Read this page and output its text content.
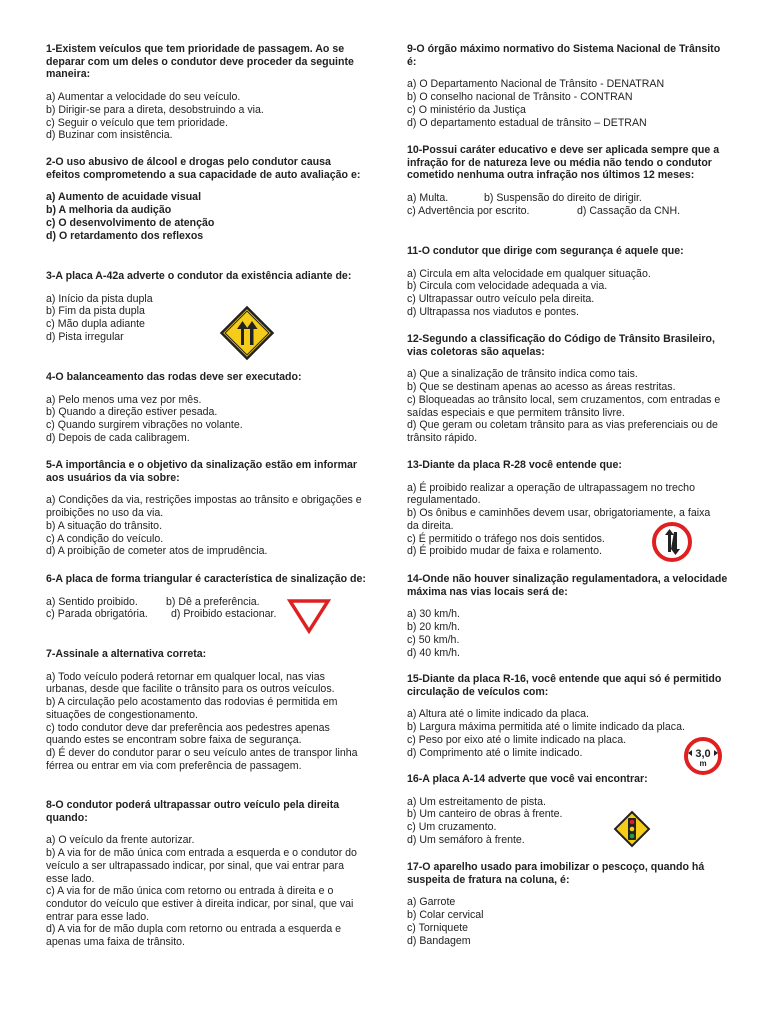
1-Existem veículos que tem prioridade de passagem. Ao se deparar com um deles o condutor deve proceder da seguinte maneira:

a) Aumentar a velocidade do seu veículo.
b) Dirigir-se para a direta, desobstruindo a via.
c) Seguir o veículo que tem prioridade.
d) Buzinar com insistência.

2-O uso abusivo de álcool e drogas pelo condutor causa efeitos comprometendo a sua capacidade de auto avaliação e:

a) Aumento de acuidade visual
b) A melhoria da audição
c) O desenvolvimento de atenção
d) O retardamento dos reflexos

3-A placa A-42a adverte o condutor da existência adiante de:

a) Início da pista dupla
b) Fim da pista dupla
c) Mão dupla adiante
d) Pista irregular

4-O balanceamento das rodas deve ser executado:

a) Pelo menos uma vez por mês.
b) Quando a direção estiver pesada.
c) Quando surgirem vibrações no volante.
d) Depois de cada calibragem.

5-A importância e o objetivo da sinalização estão em informar aos usuários da via sobre:

a) Condições da via, restrições impostas ao trânsito e obrigações e proibições no uso da via.
b) A situação do trânsito.
c) A condição do veículo.
d) A proibição de cometer atos de imprudência.

6-A placa de forma triangular é característica de sinalização de:

a) Sentido proibido.	b) Dê a preferência.
c) Parada obrigatória. d) Proibido estacionar.

7-Assinale a alternativa correta:

a) Todo veículo poderá retornar em qualquer local, nas vias urbanas, desde que facilite o trânsito para os outros veículos.
b) A circulação pelo acostamento das rodovias é permitida em situações de congestionamento.
c) todo condutor deve dar preferência aos pedestres apenas quando estes se encontram sobre faixa de segurança.
d) É dever do condutor parar o seu veículo antes de transpor linha férrea ou entrar em via com preferência de passagem.

8-O condutor poderá ultrapassar outro veículo pela direita quando:

a) O veículo da frente autorizar.
b) A via for de mão única com entrada a esquerda e o condutor do veículo a ser ultrapassado indicar, por sinal, que vai entrar para esse lado.
c) A via for de mão única com retorno ou entrada à direita e o condutor do veículo que estiver à direita indicar, por sinal, que vai entrar para esse lado.
d) A via for de mão dupla com retorno ou entrada a esquerda e apenas uma faixa de trânsito.

9-O órgão máximo normativo do Sistema Nacional de Trânsito é:

a) O Departamento Nacional de Trânsito - DENATRAN
b) O conselho nacional de Trânsito - CONTRAN
c) O ministério da Justiça
d) O departamento estadual de trânsito – DETRAN

10-Possui caráter educativo e deve ser aplicada sempre que a infração for de natureza leve ou média não tendo o condutor cometido nenhuma outra infração nos últimos 12 meses:

a) Multa.	b) Suspensão do direito de dirigir.
c) Advertência por escrito.	d) Cassação da CNH.

11-O condutor que dirige com segurança é aquele que:

a) Circula em alta velocidade em qualquer situação.
b) Circula com velocidade adequada a via.
c) Ultrapassar outro veículo pela direita.
d) Ultrapassa nos viadutos e pontes.

12-Segundo a classificação do Código de Trânsito Brasileiro, vias coletoras são aquelas:

a) Que a sinalização de trânsito indica como tais.
b) Que se destinam apenas ao acesso as áreas restritas.
c) Bloqueadas ao trânsito local, sem cruzamentos, com entradas e saídas especiais e que permitem trânsito livre.
d) Que geram ou coletam trânsito para as vias preferenciais ou de trânsito rápido.

13-Diante da placa R-28 você entende que:

a) É proibido realizar a operação de ultrapassagem no trecho regulamentado.
b) Os ônibus e caminhões devem usar, obrigatoriamente, a faixa da direita.
c) É permitido o tráfego nos dois sentidos.
d) É proibido mudar de faixa e rolamento.

14-Onde não houver sinalização regulamentadora, a velocidade máxima nas vias locais será de:

a) 30 km/h.
b) 20 km/h.
c) 50 km/h.
d) 40 km/h.

15-Diante da placa R-16, você entende que aqui só é permitido circulação de veículos com:

a) Altura até o limite indicado da placa.
b) Largura máxima permitida até o limite indicado da placa.
c) Peso por eixo até o limite indicado na placa.
d) Comprimento até o limite indicado.

16-A placa A-14 adverte que você vai encontrar:

a) Um estreitamento de pista.
b) Um canteiro de obras à frente.
c) Um cruzamento.
d) Um semáforo à frente.

17-O aparelho usado para imobilizar o pescoço, quando há suspeita de fratura na coluna, é:

a) Garrote
b) Colar cervical
c) Torniquete
d) Bandagem
3,0
m
